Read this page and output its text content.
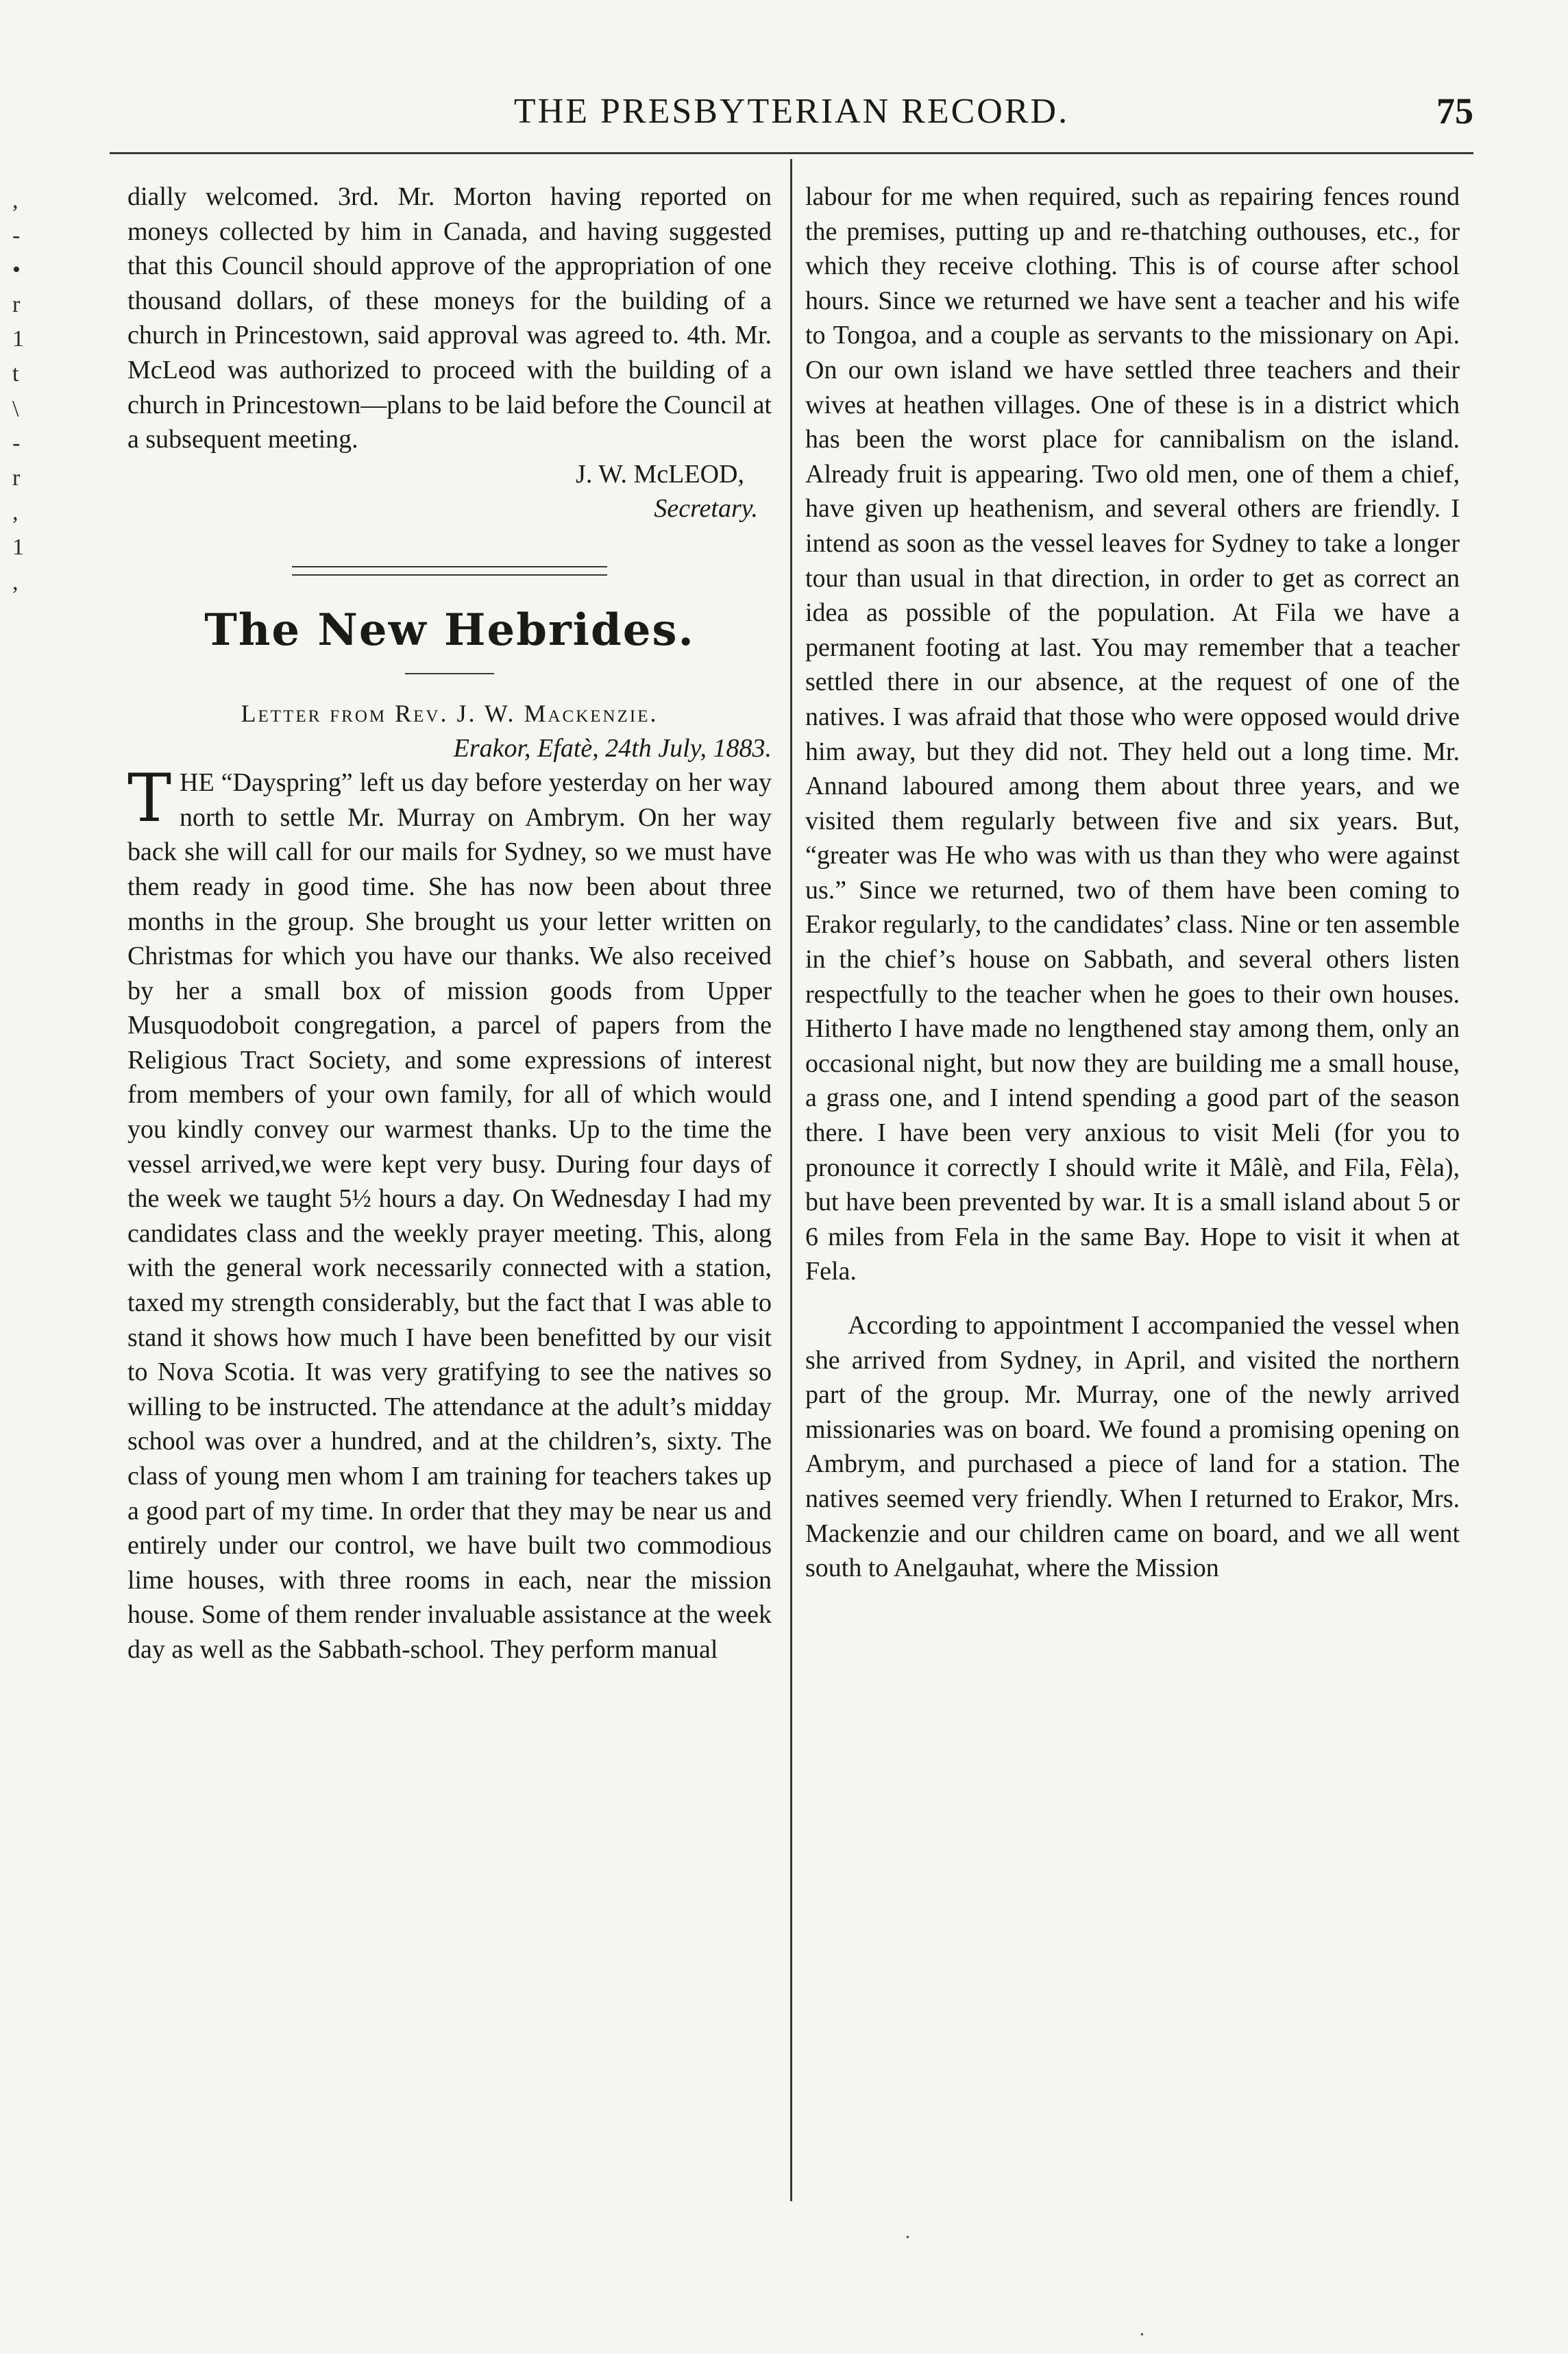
THE PRESBYTERIAN RECORD.	75
,
-
•
r
1
t
\
-
r
,
1
,

dially welcomed. 3rd. Mr. Morton having reported on moneys collected by him in Canada, and having suggested that this Council should approve of the appropriation of one thousand dollars, of these moneys for the building of a church in Princestown, said approval was agreed to. 4th. Mr. McLeod was authorized to proceed with the building of a church in Princestown—plans to be laid before the Council at a subsequent meeting.

J. W. McLEOD,
Secretary.
The New Hebrides.

Letter from Rev. J. W. Mackenzie.

Erakor, Efatè, 24th July, 1883.

THE “Dayspring” left us day before yesterday on her way north to settle Mr. Murray on Ambrym. On her way back she will call for our mails for Sydney, so we must have them ready in good time. She has now been about three months in the group. She brought us your letter written on Christmas for which you have our thanks. We also received by her a small box of mission goods from Upper Musquodoboit congregation, a parcel of papers from the Religious Tract Society, and some expressions of interest from members of your own family, for all of which would you kindly convey our warmest thanks. Up to the time the vessel arrived,we were kept very busy. During four days of the week we taught 5½ hours a day. On Wednesday I had my candidates class and the weekly prayer meeting. This, along with the general work necessarily connected with a station, taxed my strength considerably, but the fact that I was able to stand it shows how much I have been benefitted by our visit to Nova Scotia. It was very gratifying to see the natives so willing to be instructed. The attendance at the adult’s midday school was over a hundred, and at the children’s, sixty. The class of young men whom I am training for teachers takes up a good part of my time. In order that they may be near us and entirely under our control, we have built two commodious lime houses, with three rooms in each, near the mission house. Some of them render invaluable assistance at the week day as well as the Sabbath-school. They perform manual

labour for me when required, such as repairing fences round the premises, putting up and re-thatching outhouses, etc., for which they receive clothing. This is of course after school hours. Since we returned we have sent a teacher and his wife to Tongoa, and a couple as servants to the missionary on Api. On our own island we have settled three teachers and their wives at heathen villages. One of these is in a district which has been the worst place for cannibalism on the island. Already fruit is appearing. Two old men, one of them a chief, have given up heathenism, and several others are friendly. I intend as soon as the vessel leaves for Sydney to take a longer tour than usual in that direction, in order to get as correct an idea as possible of the population. At Fila we have a permanent footing at last. You may remember that a teacher settled there in our absence, at the request of one of the natives. I was afraid that those who were opposed would drive him away, but they did not. They held out a long time. Mr. Annand laboured among them about three years, and we visited them regularly between five and six years. But, “greater was He who was with us than they who were against us.” Since we returned, two of them have been coming to Erakor regularly, to the candidates’ class. Nine or ten assemble in the chief’s house on Sabbath, and several others listen respectfully to the teacher when he goes to their own houses. Hitherto I have made no lengthened stay among them, only an occasional night, but now they are building me a small house, a grass one, and I intend spending a good part of the season there. I have been very anxious to visit Meli (for you to pronounce it correctly I should write it Mâlè, and Fila, Fèla), but have been prevented by war. It is a small island about 5 or 6 miles from Fela in the same Bay. Hope to visit it when at Fela.

According to appointment I accompanied the vessel when she arrived from Sydney, in April, and visited the northern part of the group. Mr. Murray, one of the newly arrived missionaries was on board. We found a promising opening on Ambrym, and purchased a piece of land for a station. The natives seemed very friendly. When I returned to Erakor, Mrs. Mackenzie and our children came on board, and we all went south to Anelgauhat, where the Mission

·
·
